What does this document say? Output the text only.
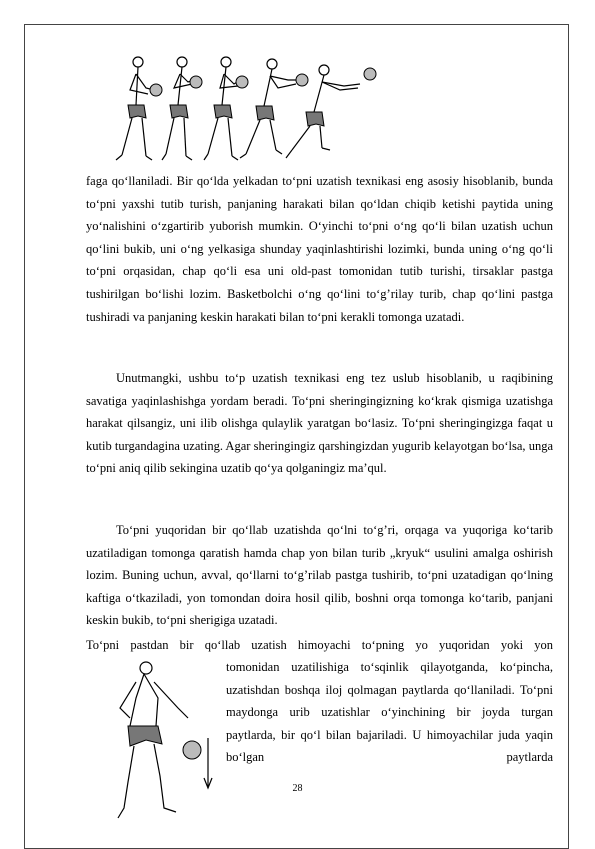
faga qo‘llaniladi. Bir qo‘lda yelkadan to‘pni uzatish texnikasi eng asosiy hisoblanib, bunda to‘pni yaxshi tutib turish, panjaning harakati bilan qo‘ldan chiqib ketishi paytida uning yo‘nalishini o‘zgartirib yuborish mumkin. O‘yinchi to‘pni o‘ng qo‘li bilan uzatish uchun qo‘lini bukib, uni o‘ng yelkasiga shunday yaqinlashtirishi lozimki, bunda uning o‘ng qo‘li to‘pni orqasidan, chap qo‘li esa uni old-past tomonidan tutib turishi, tirsaklar pastga tushirilgan bo‘lishi lozim. Basketbolchi o‘ng qo‘lini to‘g’rilay turib, chap qo‘lini pastga tushiradi va panjaning keskin harakati bilan to‘pni kerakli tomonga uzatadi.

Unutmangki, ushbu to‘p uzatish texnikasi eng tez uslub hisoblanib, u raqibining savatiga yaqinlashishga yordam beradi. To‘pni sheringingizning ko‘krak qismiga uzatishga harakat qilsangiz, uni ilib olishga qulaylik yaratgan bo‘lasiz. To‘pni sheringingizga faqat u kutib turgandagina uzating. Agar sheringingiz qarshingizdan yugurib kelayotgan bo‘lsa, unga to‘pni aniq qilib sekingina uzatib qo‘ya qolganingiz ma’qul.

To‘pni yuqoridan bir qo‘llab uzatishda qo‘lni to‘g’ri, orqaga va yuqoriga ko‘tarib uzatiladigan tomonga qaratish hamda chap yon bilan turib „kryuk“ usulini amalga oshirish lozim. Buning uchun, avval, qo‘llarni to‘g’rilab pastga tushirib, to‘pni uzatadigan qo‘lning kaftiga o‘tkaziladi, yon tomondan doira hosil qilib, boshni orqa tomonga ko‘tarib, panjani keskin bukib, to‘pni sherigiga uzatadi.

To‘pni pastdan bir qo‘llab uzatish himoyachi to‘pning yo yuqoridan yoki yon

tomonidan uzatilishiga to‘sqinlik qilayotganda, ko‘pincha, uzatishdan boshqa iloj qolmagan paytlarda qo‘llaniladi. To‘pni maydonga urib uzatishlar o‘yinchining bir joyda turgan paytlarda, bir qo‘l bilan bajariladi. U himoyachilar juda yaqin bo‘lgan paytlarda
28
